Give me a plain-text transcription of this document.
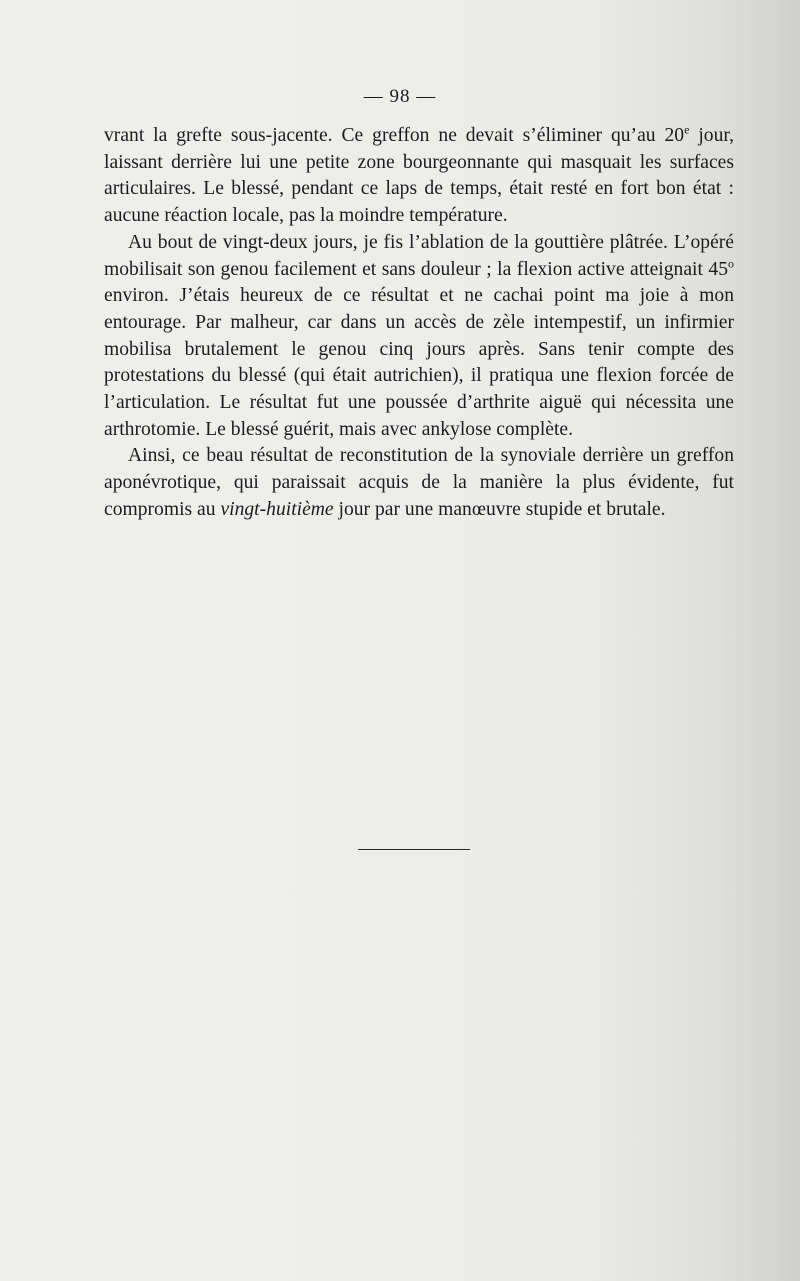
— 98 —

vrant la grefte sous-jacente. Ce greffon ne devait s’éliminer qu’au 20e jour, laissant derrière lui une petite zone bourgeonnante qui masquait les surfaces articulaires. Le blessé, pendant ce laps de temps, était resté en fort bon état : aucune réaction locale, pas la moindre température.

Au bout de vingt-deux jours, je fis l’ablation de la gouttière plâtrée. L’opéré mobilisait son genou facilement et sans douleur ; la flexion active atteignait 45$^o$ environ. J’étais heureux de ce résultat et ne cachai point ma joie à mon entourage. Par malheur, car dans un accès de zèle intempestif, un infirmier mobilisa brutalement le genou cinq jours après. Sans tenir compte des protestations du blessé (qui était autrichien), il pratiqua une flexion forcée de l’articulation. Le résultat fut une poussée d’arthrite aiguë qui nécessita une arthrotomie. Le blessé guérit, mais avec ankylose complète.

Ainsi, ce beau résultat de reconstitution de la synoviale derrière un greffon aponévrotique, qui paraissait acquis de la manière la plus évidente, fut compromis au vingt-huitième jour par une manœuvre stupide et brutale.
